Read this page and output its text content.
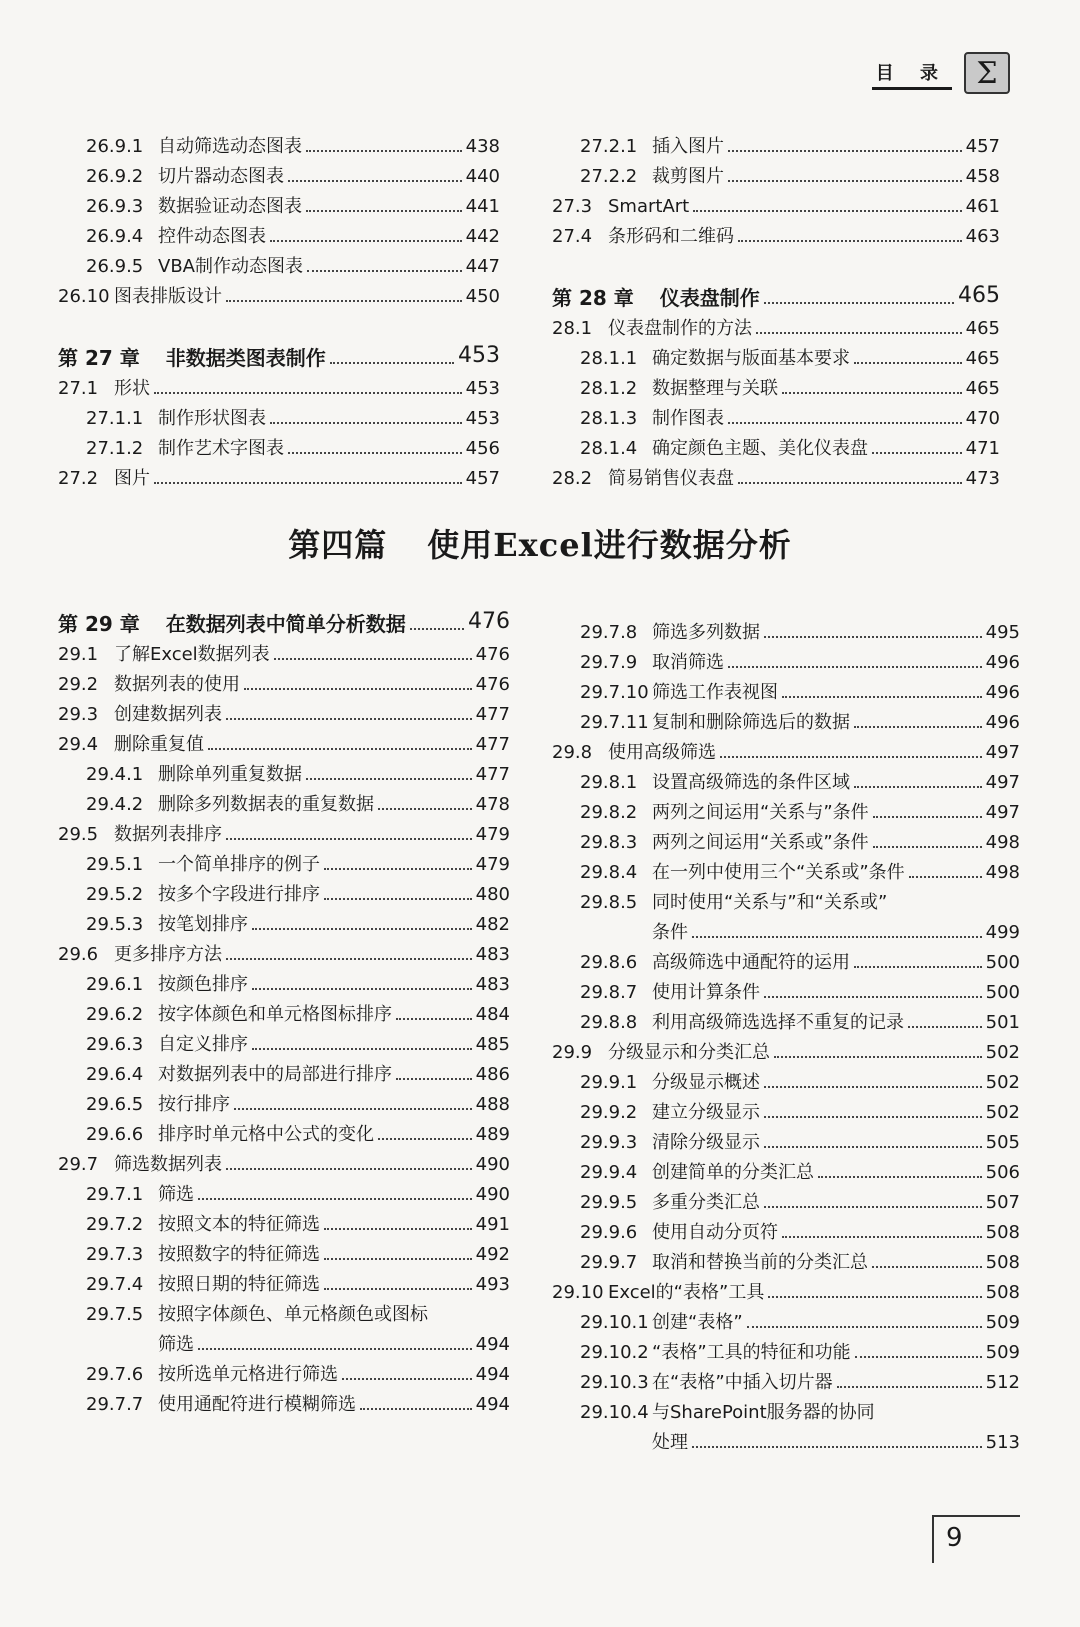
目 录 Σ
26.9.1 自动筛选动态图表	438
26.9.2 切片器动态图表	440
26.9.3 数据验证动态图表	441
26.9.4 控件动态图表	442
26.9.5 VBA制作动态图表	447
26.10 图表排版设计	450
第 27 章 非数据类图表制作	453
27.1 形状	453
27.1.1 制作形状图表	453
27.1.2 制作艺术字图表	456
27.2 图片	457
27.2.1 插入图片	457
27.2.2 裁剪图片	458
27.3 SmartArt	461
27.4 条形码和二维码	463
第 28 章 仪表盘制作	465
28.1 仪表盘制作的方法	465
28.1.1 确定数据与版面基本要求	465
28.1.2 数据整理与关联	465
28.1.3 制作图表	470
28.1.4 确定颜色主题、美化仪表盘	471
28.2 简易销售仪表盘	473
第四篇 使用Excel进行数据分析
第 29 章 在数据列表中简单分析数据	476
29.1 了解Excel数据列表	476
29.2 数据列表的使用	476
29.3 创建数据列表	477
29.4 删除重复值	477
29.4.1 删除单列重复数据	477
29.4.2 删除多列数据表的重复数据	478
29.5 数据列表排序	479
29.5.1 一个简单排序的例子	479
29.5.2 按多个字段进行排序	480
29.5.3 按笔划排序	482
29.6 更多排序方法	483
29.6.1 按颜色排序	483
29.6.2 按字体颜色和单元格图标排序	484
29.6.3 自定义排序	485
29.6.4 对数据列表中的局部进行排序	486
29.6.5 按行排序	488
29.6.6 排序时单元格中公式的变化	489
29.7 筛选数据列表	490
29.7.1 筛选	490
29.7.2 按照文本的特征筛选	491
29.7.3 按照数字的特征筛选	492
29.7.4 按照日期的特征筛选	493
29.7.5 按照字体颜色、单元格颜色或图标
筛选	494
29.7.6 按所选单元格进行筛选	494
29.7.7 使用通配符进行模糊筛选	494
29.7.8 筛选多列数据	495
29.7.9 取消筛选	496
29.7.10 筛选工作表视图	496
29.7.11 复制和删除筛选后的数据	496
29.8 使用高级筛选	497
29.8.1 设置高级筛选的条件区域	497
29.8.2 两列之间运用“关系与”条件	497
29.8.3 两列之间运用“关系或”条件	498
29.8.4 在一列中使用三个“关系或”条件	498
29.8.5 同时使用“关系与”和“关系或”
条件	499
29.8.6 高级筛选中通配符的运用	500
29.8.7 使用计算条件	500
29.8.8 利用高级筛选选择不重复的记录	501
29.9 分级显示和分类汇总	502
29.9.1 分级显示概述	502
29.9.2 建立分级显示	502
29.9.3 清除分级显示	505
29.9.4 创建简单的分类汇总	506
29.9.5 多重分类汇总	507
29.9.6 使用自动分页符	508
29.9.7 取消和替换当前的分类汇总	508
29.10 Excel的“表格”工具	508
29.10.1 创建“表格”	509
29.10.2 “表格”工具的特征和功能	509
29.10.3 在“表格”中插入切片器	512
29.10.4 与SharePoint服务器的协同
处理	513
9
